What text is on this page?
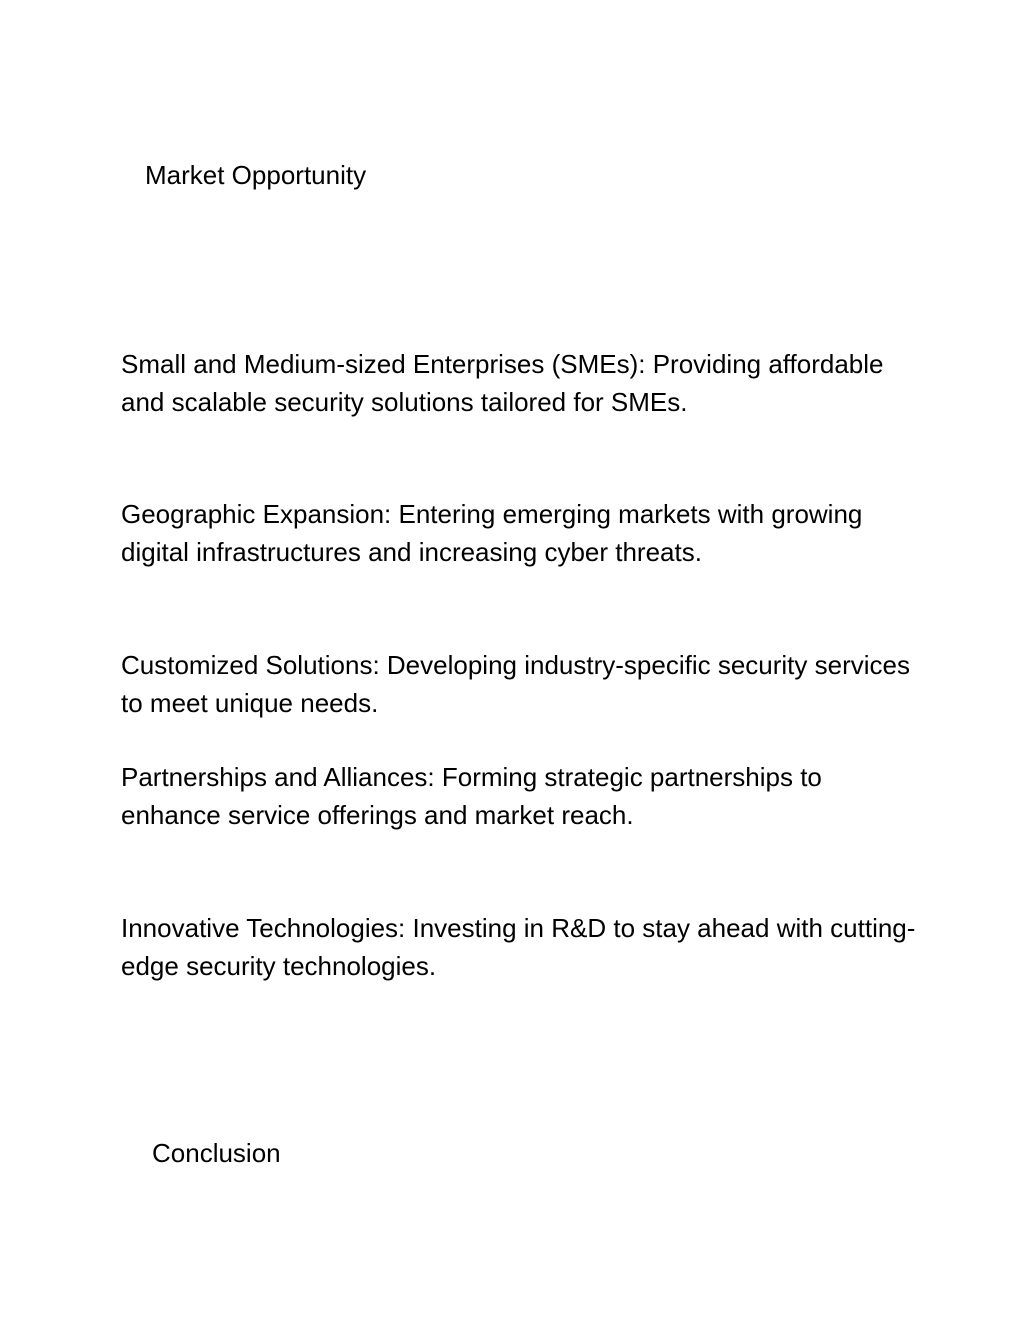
Market Opportunity

Small and Medium-sized Enterprises (SMEs): Providing affordable and scalable security solutions tailored for SMEs.

Geographic Expansion: Entering emerging markets with growing digital infrastructures and increasing cyber threats.

Customized Solutions: Developing industry-specific security services to meet unique needs.

Partnerships and Alliances: Forming strategic partnerships to enhance service offerings and market reach.

Innovative Technologies: Investing in R&D to stay ahead with cutting-edge security technologies.

Conclusion
